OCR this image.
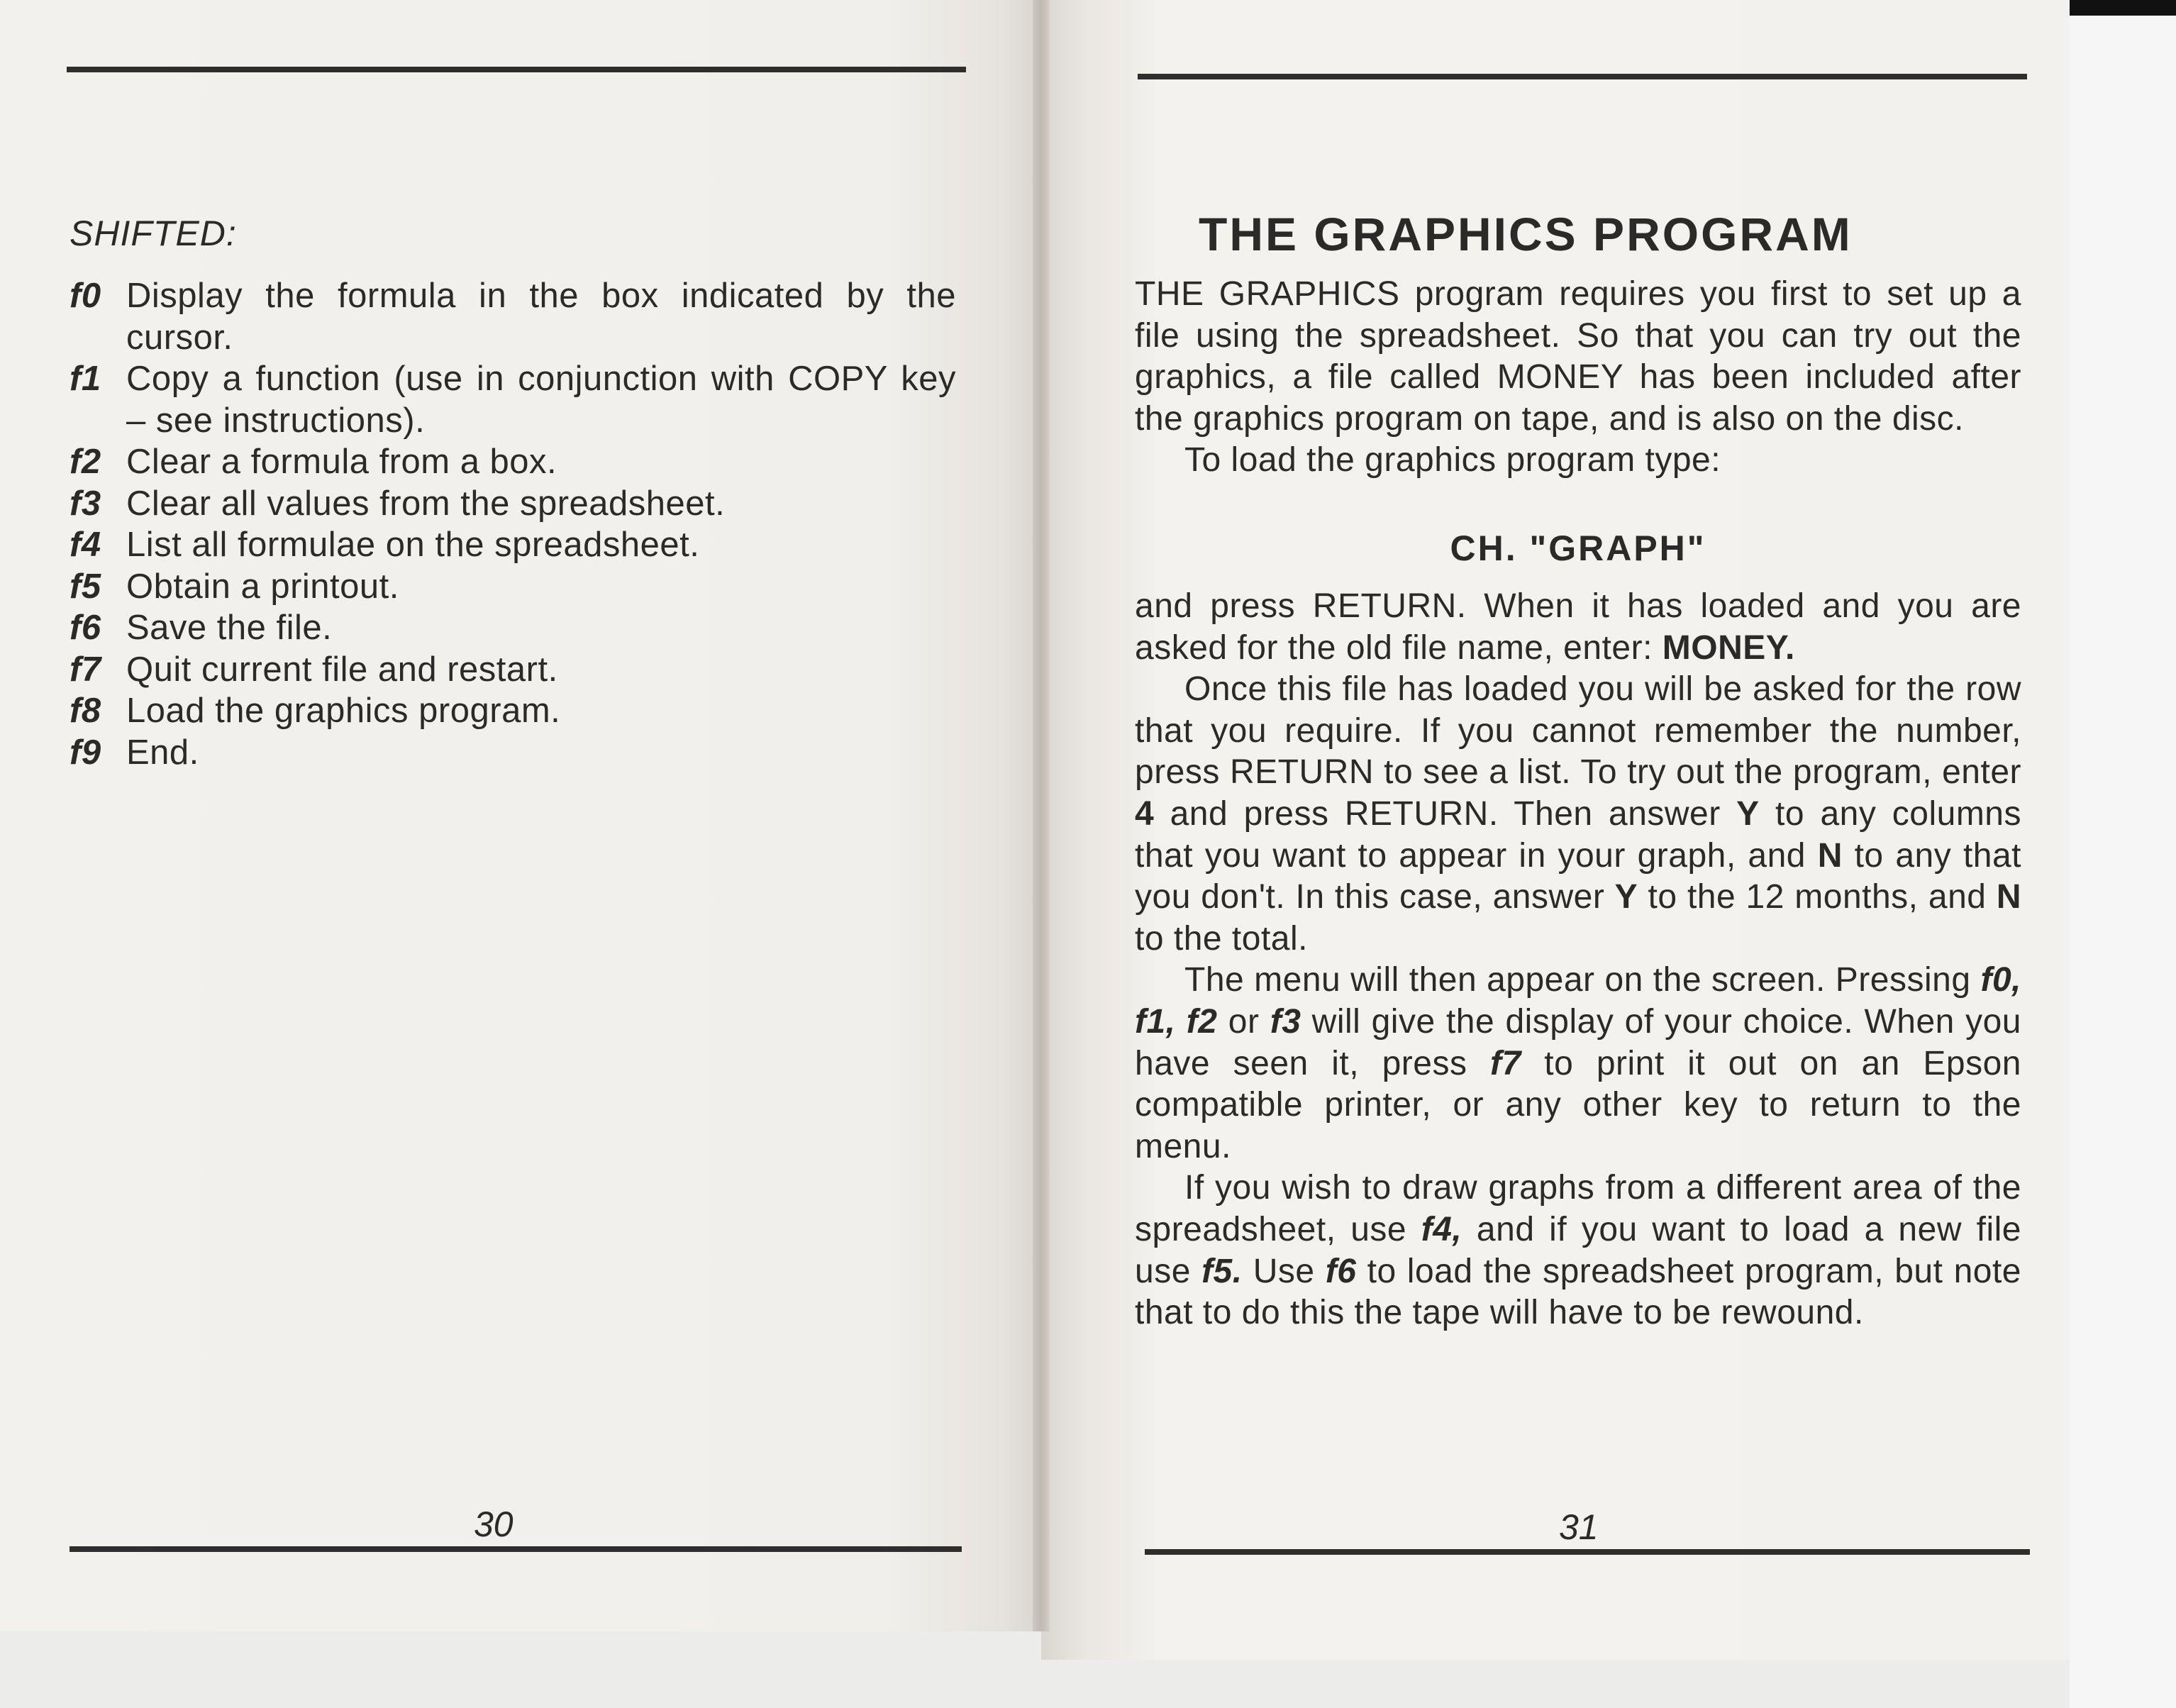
SHIFTED:
f0 Display the formula in the box indicated by the cursor.
f1 Copy a function (use in conjunction with COPY key – see instructions).
f2 Clear a formula from a box.
f3 Clear all values from the spreadsheet.
f4 List all formulae on the spreadsheet.
f5 Obtain a printout.
f6 Save the file.
f7 Quit current file and restart.
f8 Load the graphics program.
f9 End.
30
THE GRAPHICS PROGRAM

THE GRAPHICS program requires you first to set up a file using the spreadsheet. So that you can try out the graphics, a file called MONEY has been included after the graphics program on tape, and is also on the disc.

To load the graphics program type:

CH. "GRAPH"

and press RETURN. When it has loaded and you are asked for the old file name, enter: MONEY.

Once this file has loaded you will be asked for the row that you require. If you cannot remember the number, press RETURN to see a list. To try out the program, enter 4 and press RETURN. Then answer Y to any columns that you want to appear in your graph, and N to any that you don't. In this case, answer Y to the 12 months, and N to the total.

The menu will then appear on the screen. Pressing f0, f1, f2 or f3 will give the display of your choice. When you have seen it, press f7 to print it out on an Epson compatible printer, or any other key to return to the menu.

If you wish to draw graphs from a different area of the spreadsheet, use f4, and if you want to load a new file use f5. Use f6 to load the spreadsheet program, but note that to do this the tape will have to be rewound.

31
